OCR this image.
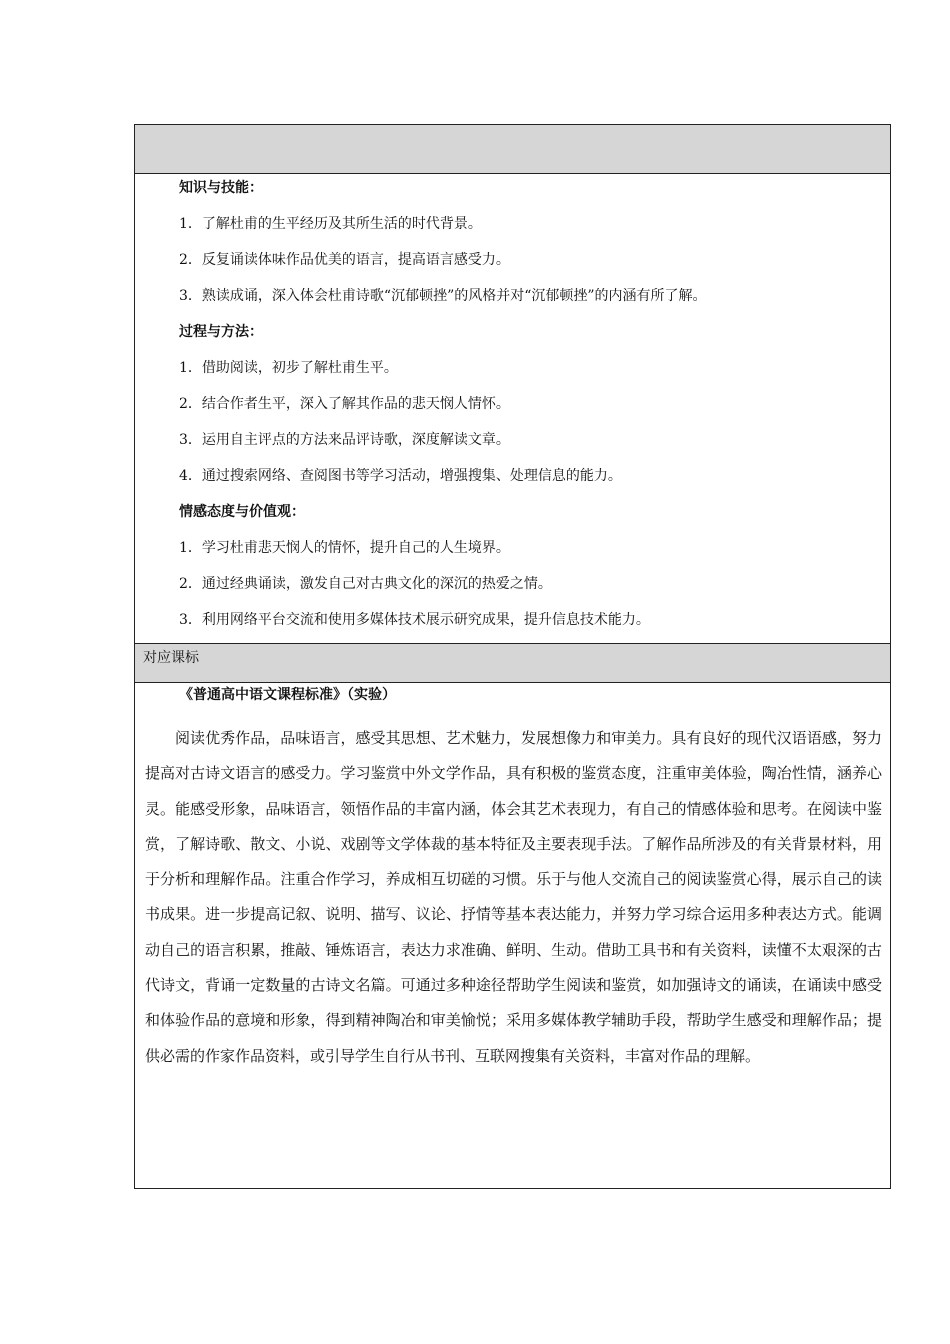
知识与技能：
1．了解杜甫的生平经历及其所生活的时代背景。
2．反复诵读体味作品优美的语言，提高语言感受力。
3．熟读成诵，深入体会杜甫诗歌“沉郁顿挫”的风格并对“沉郁顿挫”的内涵有所了解。
过程与方法：
1．借助阅读，初步了解杜甫生平。
2．结合作者生平，深入了解其作品的悲天悯人情怀。
3．运用自主评点的方法来品评诗歌，深度解读文章。
4．通过搜索网络、查阅图书等学习活动，增强搜集、处理信息的能力。
情感态度与价值观：
1．学习杜甫悲天悯人的情怀，提升自己的人生境界。
2．通过经典诵读，激发自己对古典文化的深沉的热爱之情。
3．利用网络平台交流和使用多媒体技术展示研究成果，提升信息技术能力。
对应课标
《普通高中语文课程标准》（实验）

阅读优秀作品，品味语言，感受其思想、艺术魅力，发展想像力和审美力。具有良好的现代汉语语感，努力提高对古诗文语言的感受力。学习鉴赏中外文学作品，具有积极的鉴赏态度，注重审美体验，陶冶性情，涵养心灵。能感受形象，品味语言，领悟作品的丰富内涵，体会其艺术表现力，有自己的情感体验和思考。在阅读中鉴赏，了解诗歌、散文、小说、戏剧等文学体裁的基本特征及主要表现手法。了解作品所涉及的有关背景材料，用于分析和理解作品。注重合作学习，养成相互切磋的习惯。乐于与他人交流自己的阅读鉴赏心得，展示自己的读书成果。进一步提高记叙、说明、描写、议论、抒情等基本表达能力，并努力学习综合运用多种表达方式。能调动自己的语言积累，推敲、锤炼语言，表达力求准确、鲜明、生动。借助工具书和有关资料，读懂不太艰深的古代诗文，背诵一定数量的古诗文名篇。可通过多种途径帮助学生阅读和鉴赏，如加强诗文的诵读，在诵读中感受和体验作品的意境和形象，得到精神陶冶和审美愉悦；采用多媒体教学辅助手段，帮助学生感受和理解作品；提供必需的作家作品资料，或引导学生自行从书刊、互联网搜集有关资料，丰富对作品的理解。
